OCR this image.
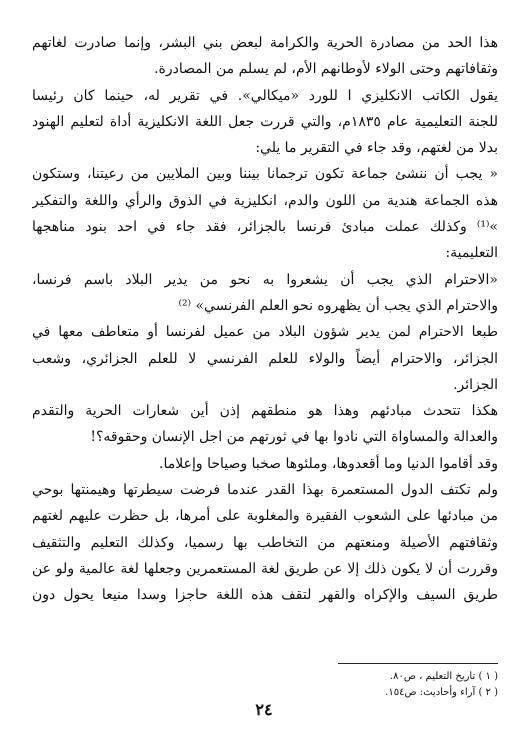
هذا الحد من مصادرة الحرية والكرامة لبعض بني البشر، وإنما صادرت لغاتهم
وثقافاتهم وحتى الولاء لأوطانهم الأم، لم يسلم من المصادرة.
يقول الكاتب الانكليزي ا للورد «ميكالي». في تقرير له، حينما كان رئيسا
للجنة التعليمية عام ١٨٣٥م، والتي قررت جعل اللغة الانكليزية أداة لتعليم الهنود
بدلا من لغتهم، وقد جاء في التقرير ما يلي:
« يجب أن ننشئ جماعة تكون ترجمانا بيننا وبين الملايين من رعيتنا، وستكون
هذه الجماعة هندية من اللون والدم، انكليزية في الذوق والرأي واللغة والتفكير
»⁽¹⁾ وكذلك عملت مبادئ فرنسا بالجزائر، فقد جاء في احد بنود مناهجها
التعليمية:
«الاحترام الذي يجب أن يشعروا به نحو من يدير البلاد باسم فرنسا،
والاحترام الذي يجب أن يظهروه نحو العلم الفرنسي» ⁽²⁾
طبعا الاحترام لمن يدير شؤون البلاد من عميل لفرنسا أو متعاطف معها في
الجزائر، والاحترام أيضاً والولاء للعلم الفرنسي لا للعلم الجزائري، وشعب
الجزائر.
هكذا تتحدث مبادئهم وهذا هو منطقهم إذن أين شعارات الحرية والتقدم
والعدالة والمساواة التي نادوا بها في ثورتهم من اجل الإنسان وحقوقه؟!
وقد أقاموا الدنيا وما أقعدوها، وملئوها صخبا وصياحا وإعلاما.
ولم تكتف الدول المستعمرة بهذا القدر عندما فرضت سيطرتها وهيمنتها بوحي
من مبادئها على الشعوب الفقيرة والمغلوبة على أمرها، بل حظرت عليهم لغتهم
وثقافتهم الأصيلة ومنعتهم من التخاطب بها رسميا، وكذلك التعليم والتثقيف
وقررت أن لا يكون ذلك إلا عن طريق لغة المستعمرين وجعلها لغة عالمية ولو عن
طريق السيف والإكراه والقهر لتقف هذه اللغة حاجزا وسدا منيعا يحول دون
( ١ ) تاريخ التعليم ، ص٨٠.
( ٢ ) آراء وأحاديث: ص١٥٤.
٢٤
